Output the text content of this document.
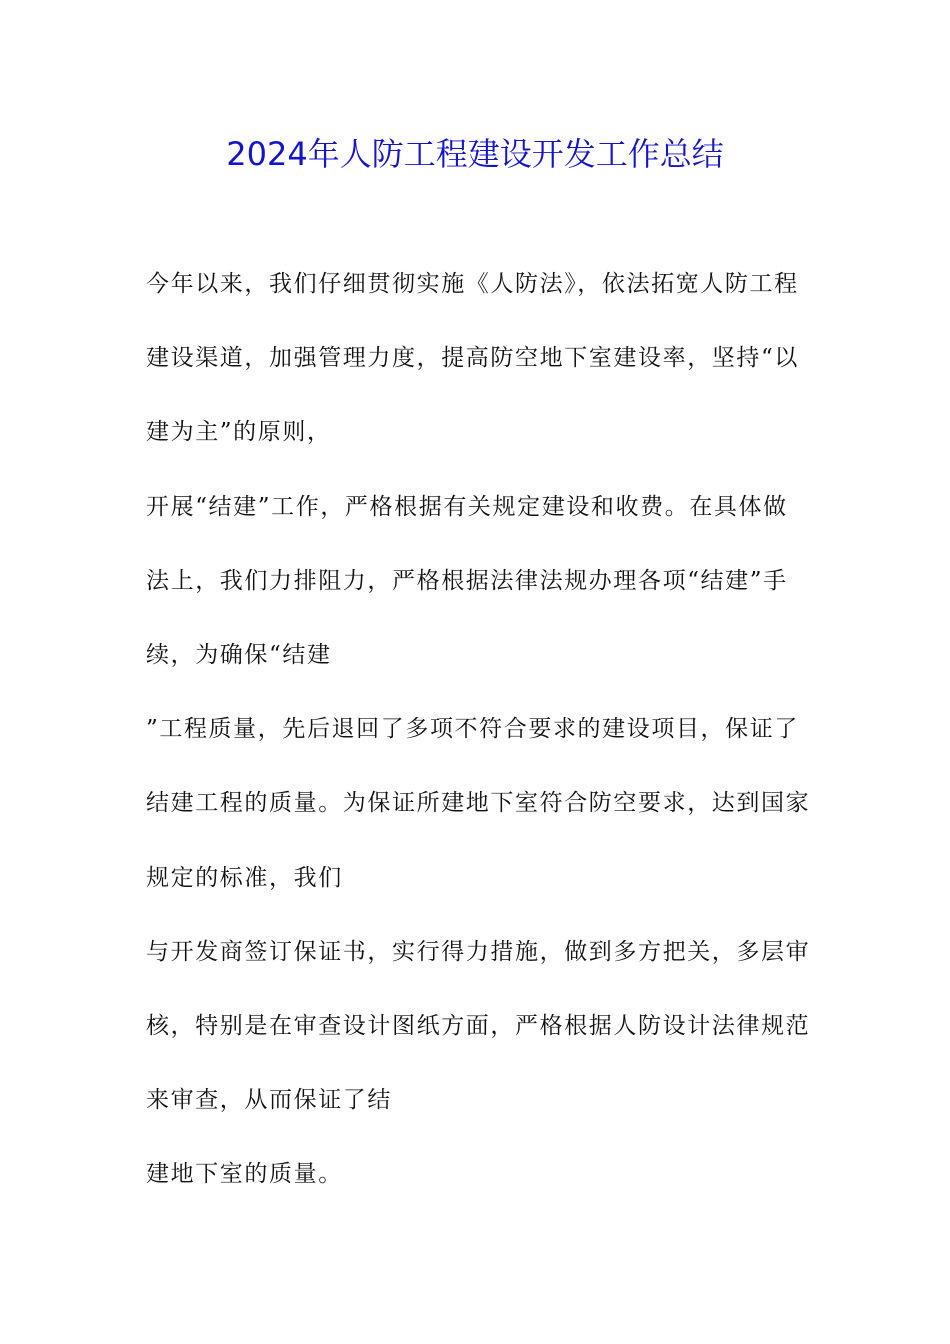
2024年人防工程建设开发工作总结
今年以来，我们仔细贯彻实施《人防法》，依法拓宽人防工程
建设渠道，加强管理力度，提高防空地下室建设率，坚持“以
建为主”的原则，
开展“结建”工作，严格根据有关规定建设和收费。在具体做
法上，我们力排阻力，严格根据法律法规办理各项“结建”手
续，为确保“结建
”工程质量，先后退回了多项不符合要求的建设项目，保证了
结建工程的质量。为保证所建地下室符合防空要求，达到国家
规定的标准，我们
与开发商签订保证书，实行得力措施，做到多方把关，多层审
核，特别是在审查设计图纸方面，严格根据人防设计法律规范
来审查，从而保证了结
建地下室的质量。
